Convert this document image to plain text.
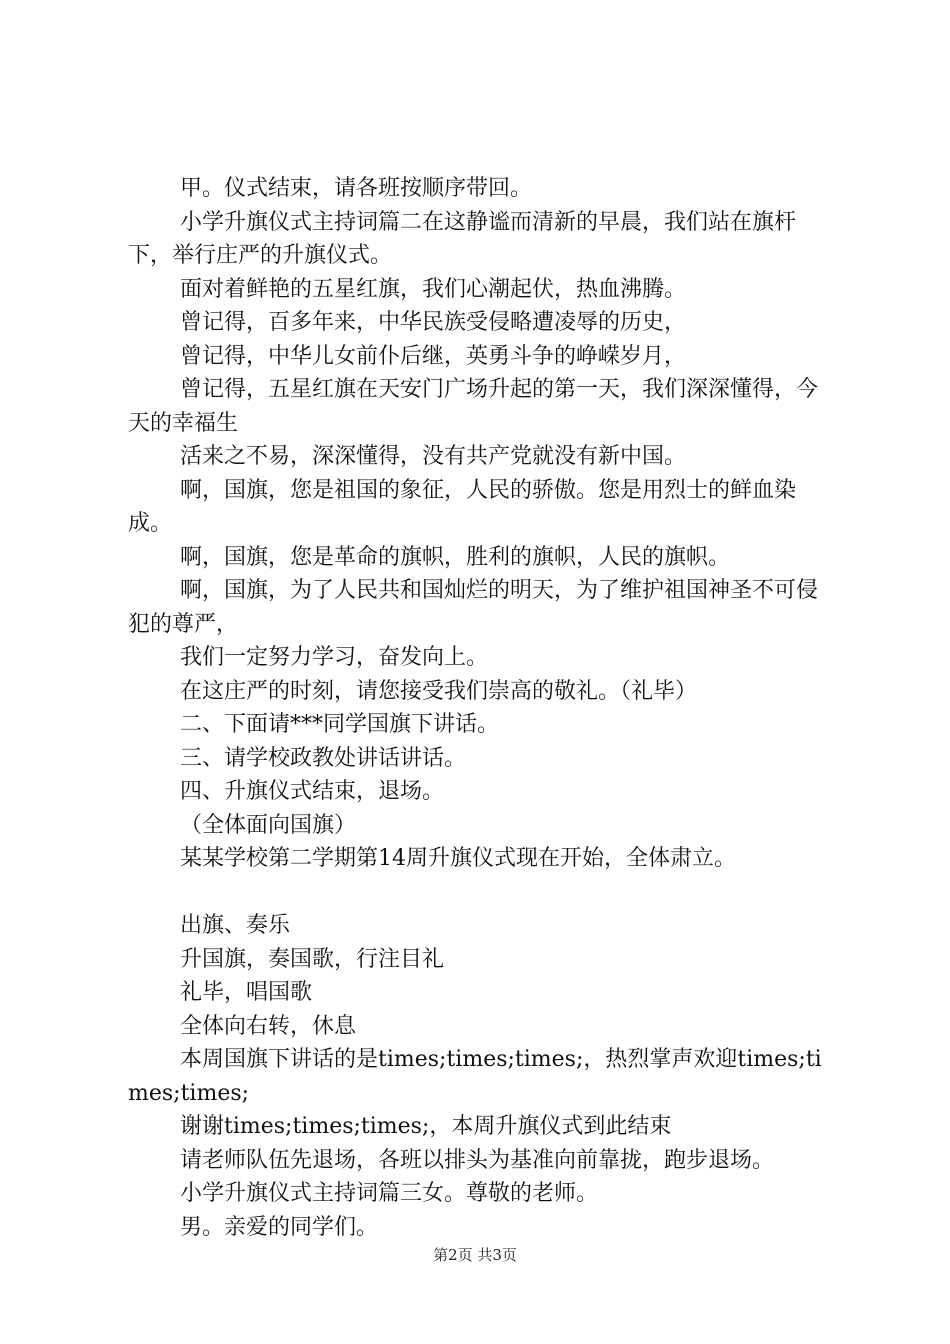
甲。仪式结束，请各班按顺序带回。

小学升旗仪式主持词篇二在这静谧而清新的早晨，我们站在旗杆下，举行庄严的升旗仪式。

面对着鲜艳的五星红旗，我们心潮起伏，热血沸腾。

曾记得，百多年来，中华民族受侵略遭凌辱的历史，

曾记得，中华儿女前仆后继，英勇斗争的峥嵘岁月，

曾记得，五星红旗在天安门广场升起的第一天，我们深深懂得，今天的幸福生

活来之不易，深深懂得，没有共产党就没有新中国。

啊，国旗，您是祖国的象征，人民的骄傲。您是用烈士的鲜血染成。

啊，国旗，您是革命的旗帜，胜利的旗帜，人民的旗帜。

啊，国旗，为了人民共和国灿烂的明天，为了维护祖国神圣不可侵犯的尊严，

我们一定努力学习，奋发向上。

在这庄严的时刻，请您接受我们崇高的敬礼。（礼毕）

二、下面请***同学国旗下讲话。

三、请学校政教处讲话讲话。

四、升旗仪式结束，退场。

（全体面向国旗）

某某学校第二学期第14周升旗仪式现在开始，全体肃立。

出旗、奏乐

升国旗，奏国歌，行注目礼

礼毕，唱国歌

全体向右转，休息

本周国旗下讲话的是times;times;times;，热烈掌声欢迎times;times;times;

谢谢times;times;times;，本周升旗仪式到此结束

请老师队伍先退场，各班以排头为基准向前靠拢，跑步退场。

小学升旗仪式主持词篇三女。尊敬的老师。

男。亲爱的同学们。

第2页 共3页
